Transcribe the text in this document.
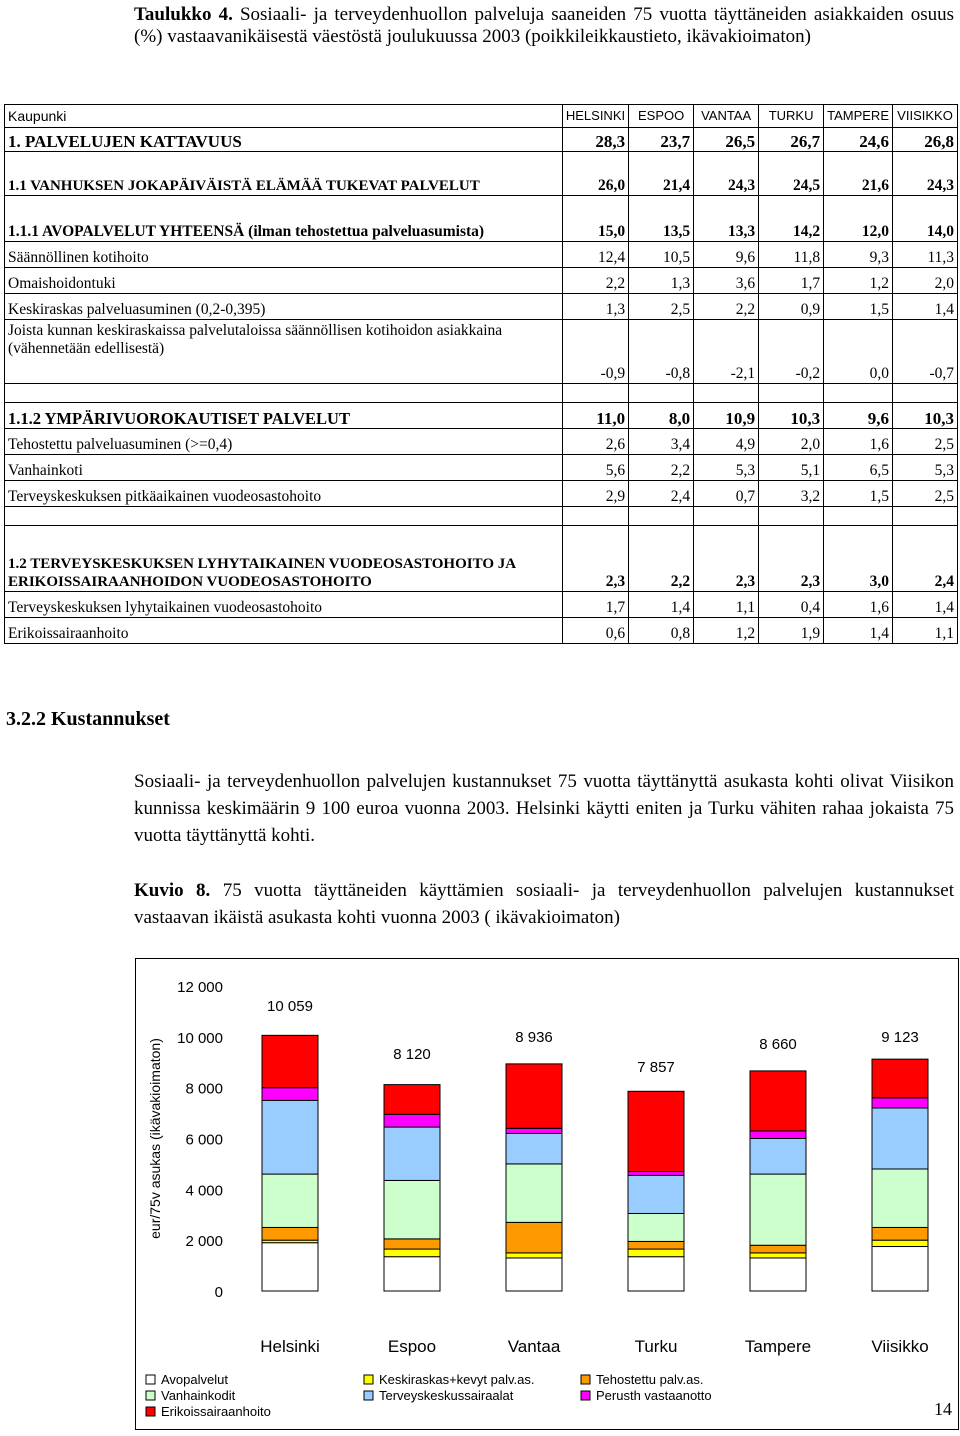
Taulukko 4. Sosiaali- ja terveydenhuollon palveluja saaneiden 75 vuotta täyttäneiden asiakkaiden osuus (%) vastaavanikäisestä väestöstä joulukuussa 2003 (poikkileikkaustieto, ikävakioimaton)
Kaupunki	HELSINKI	ESPOO	VANTAA	TURKU	TAMPERE	VIISIKKO
1. PALVELUJEN KATTAVUUS	28,3	23,7	26,5	26,7	24,6	26,8
1.1 VANHUKSEN JOKAPÄIVÄISTÄ ELÄMÄÄ TUKEVAT PALVELUT	26,0	21,4	24,3	24,5	21,6	24,3
1.1.1 AVOPALVELUT YHTEENSÄ (ilman tehostettua palveluasumista)	15,0	13,5	13,3	14,2	12,0	14,0
Säännöllinen kotihoito	12,4	10,5	9,6	11,8	9,3	11,3
Omaishoidontuki	2,2	1,3	3,6	1,7	1,2	2,0
Keskiraskas palveluasuminen (0,2-0,395)	1,3	2,5	2,2	0,9	1,5	1,4
Joista kunnan keskiraskaissa palvelutaloissa säännöllisen kotihoidon asiakkaina (vähennetään edellisestä)	-0,9	-0,8	-2,1	-0,2	0,0	-0,7

1.1.2 YMPÄRIVUOROKAUTISET PALVELUT	11,0	8,0	10,9	10,3	9,6	10,3
Tehostettu palveluasuminen (>=0,4)	2,6	3,4	4,9	2,0	1,6	2,5
Vanhainkoti	5,6	2,2	5,3	5,1	6,5	5,3
Terveyskeskuksen pitkäaikainen vuodeosastohoito	2,9	2,4	0,7	3,2	1,5	2,5

1.2 TERVEYSKESKUKSEN LYHYTAIKAINEN VUODEOSASTOHOITO JA ERIKOISSAIRAANHOIDON VUODEOSASTOHOITO	2,3	2,2	2,3	2,3	3,0	2,4
Terveyskeskuksen lyhytaikainen vuodeosastohoito	1,7	1,4	1,1	0,4	1,6	1,4
Erikoissairaanhoito	0,6	0,8	1,2	1,9	1,4	1,1
3.2.2 Kustannukset
Sosiaali- ja terveydenhuollon palvelujen kustannukset 75 vuotta täyttänyttä asukasta kohti olivat Viisikon kunnissa keskimäärin 9 100 euroa vuonna 2003. Helsinki käytti eniten ja Turku vähiten rahaa jokaista 75 vuotta täyttänyttä kohti.
Kuvio 8. 75 vuotta täyttäneiden käyttämien sosiaali- ja terveydenhuollon palvelujen kustannukset vastaavan ikäistä asukasta kohti vuonna 2003 ( ikävakioimaton)
0
2 000
4 000
6 000
8 000
10 000
12 000
eur/75v asukas (ikävakioimaton)
10 059
Helsinki
8 120
Espoo
8 936
Vantaa
7 857
Turku
8 660
Tampere
9 123
Viisikko
Avopalvelut	Keskiraskas+kevyt palv.as.	Tehostettu palv.as.
Vanhainkodit	Terveyskeskussairaalat	Perusth vastaanotto
Erikoissairaanhoito	14
